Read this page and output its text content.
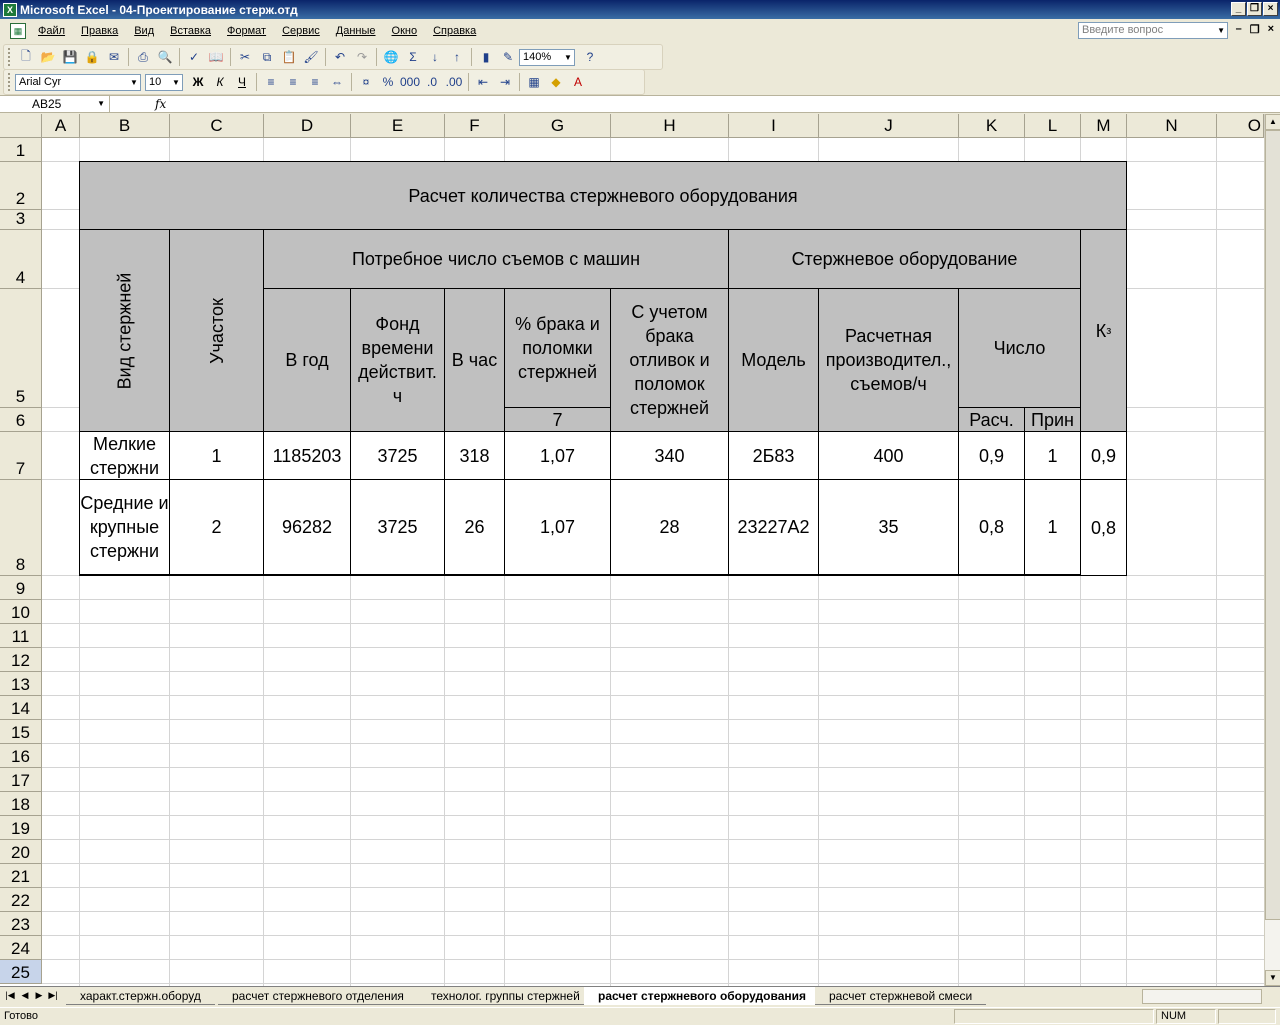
X Microsoft Excel - 04-Проектирование стерж.отд	_ ❐ ×
▦	Файл	Правка	Вид	Вставка	Формат	Сервис	Данные	Окно	Справка	Введите вопрос	▼ – ❐ ×
🗋 📂 💾 🔒 ✉	⎙ 🔍	✓ 📖	✂	⧉ 📋 🖌	↶ ↷	🌐 Σ	↓	↑	▮	✎ 140% ▼	?
Arial Cyr	▼	10 ▼	Ж	К	Ч	≡	≡	≡	⇔	¤	% 000 .0 .00	⇤ ⇥	▦ ◆	A
AB25	▼	fx
A	B	C	D	E	F	G	H	I	J	K	L	M	N	O
1
2
3
4
5
6
7
8
9
10
11
12
13
14
15
16
17
18
19
20
21
22
23
24
25
Расчет количества стержневого оборудования
Вид стержней	Участок
Потребное число съемов с машин	Стержневое оборудование
К з
В год
Фонд времени действит. ч
В час
% брака и поломки стержней
7
С учетом брака отливок и поломок стержней
Модель
Расчетная производител., съемов/ч
Число
Расч. Прин
Мелкие стержни
1	1185203	3725	318	1,07	340	2Б83	400	0,9	1	0,9
Средние и крупные стержни
2	96282	3725	26	1,07	28	23227А2	35	0,8	1	0,8
▲
▼
|◀ ◀ ▶ ▶|	характ.стержн.оборуд	расчет стержневого отделения	технолог. группы стержней	расчет стержневого оборудования	расчет стержневой смеси
Готово	NUM
